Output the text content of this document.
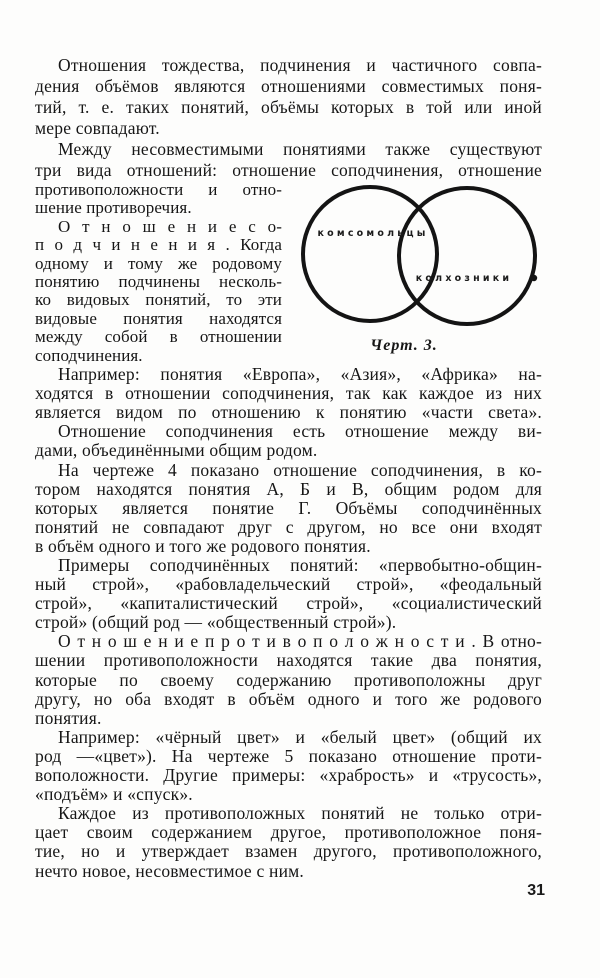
Отношения тождества, подчинения и частичного совпа-
дения объёмов являются отношениями совместимых поня-
тий, т. е. таких понятий, объёмы которых в той или иной
мере совпадают.
Между несовместимыми понятиями также существуют
три вида отношений: отношение соподчинения, отношение
противоположности и отно-
шение противоречия.
О т н о ш е н и е с о-
п о д ч и н е н и я . Когда
одному и тому же родовому
понятию подчинены несколь-
ко видовых понятий, то эти
видовые понятия находятся
между собой в отношении
соподчинения.
комсомольцы
колхозники
Черт. 3.
Например: понятия «Европа», «Азия», «Африка» на-
ходятся в отношении соподчинения, так как каждое из них
является видом по отношению к понятию «части света».
Отношение соподчинения есть отношение между ви-
дами, объединёнными общим родом.
На чертеже 4 показано отношение соподчинения, в ко-
тором находятся понятия А, Б и В, общим родом для
которых является понятие Г. Объёмы соподчинённых
понятий не совпадают друг с другом, но все они входят
в объём одного и того же родового понятия.
Примеры соподчинённых понятий: «первобытно-общин-
ный строй», «рабовладельческий строй», «феодальный
строй», «капиталистический строй», «социалистический
строй» (общий род — «общественный строй»).
О т н о ш е н и е п р о т и в о п о л о ж н о с т и . В отно-
шении противоположности находятся такие два понятия,
которые по своему содержанию противоположны друг
другу, но оба входят в объём одного и того же родового
понятия.
Например: «чёрный цвет» и «белый цвет» (общий их
род —«цвет»). На чертеже 5 показано отношение проти-
воположности. Другие примеры: «храбрость» и «трусость»,
«подъём» и «спуск».
Каждое из противоположных понятий не только отри-
цает своим содержанием другое, противоположное поня-
тие, но и утверждает взамен другого, противоположного,
нечто новое, несовместимое с ним.
31
